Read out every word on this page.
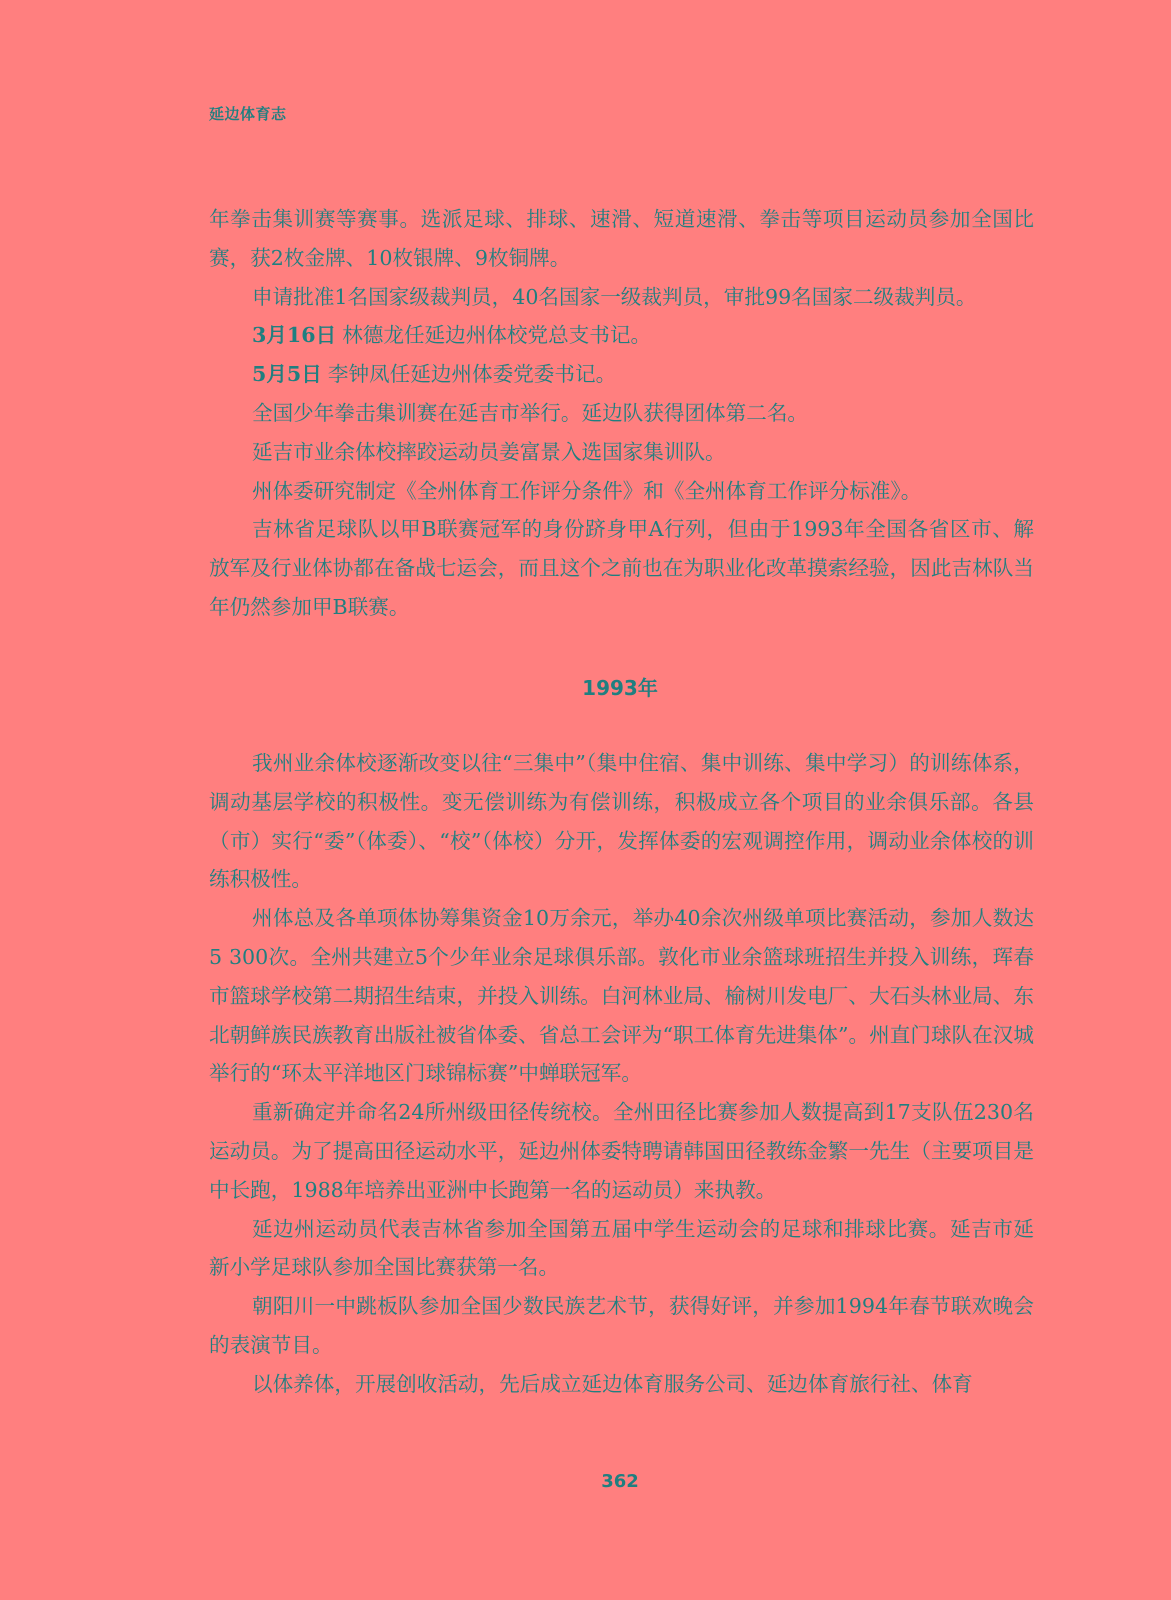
延边体育志

年拳击集训赛等赛事。选派足球、排球、速滑、短道速滑、拳击等项目运动员参加全国比赛，获2枚金牌、10枚银牌、9枚铜牌。

申请批准1名国家级裁判员，40名国家一级裁判员，审批99名国家二级裁判员。

3月16日 林德龙任延边州体校党总支书记。

5月5日 李钟凤任延边州体委党委书记。

全国少年拳击集训赛在延吉市举行。延边队获得团体第二名。

延吉市业余体校摔跤运动员姜富景入选国家集训队。

州体委研究制定《全州体育工作评分条件》和《全州体育工作评分标准》。

吉林省足球队以甲B联赛冠军的身份跻身甲A行列，但由于1993年全国各省区市、解放军及行业体协都在备战七运会，而且这个之前也在为职业化改革摸索经验，因此吉林队当年仍然参加甲B联赛。

1993年

我州业余体校逐渐改变以往“三集中”（集中住宿、集中训练、集中学习）的训练体系，调动基层学校的积极性。变无偿训练为有偿训练，积极成立各个项目的业余俱乐部。各县（市）实行“委”（体委）、“校”（体校）分开，发挥体委的宏观调控作用，调动业余体校的训练积极性。

州体总及各单项体协筹集资金10万余元，举办40余次州级单项比赛活动，参加人数达5 300次。全州共建立5个少年业余足球俱乐部。敦化市业余篮球班招生并投入训练，珲春市篮球学校第二期招生结束，并投入训练。白河林业局、榆树川发电厂、大石头林业局、东北朝鲜族民族教育出版社被省体委、省总工会评为“职工体育先进集体”。州直门球队在汉城举行的“环太平洋地区门球锦标赛”中蝉联冠军。

重新确定并命名24所州级田径传统校。全州田径比赛参加人数提高到17支队伍230名运动员。为了提高田径运动水平，延边州体委特聘请韩国田径教练金繁一先生（主要项目是中长跑，1988年培养出亚洲中长跑第一名的运动员）来执教。

延边州运动员代表吉林省参加全国第五届中学生运动会的足球和排球比赛。延吉市延新小学足球队参加全国比赛获第一名。

朝阳川一中跳板队参加全国少数民族艺术节，获得好评，并参加1994年春节联欢晚会的表演节目。

以体养体，开展创收活动，先后成立延边体育服务公司、延边体育旅行社、体育

362
